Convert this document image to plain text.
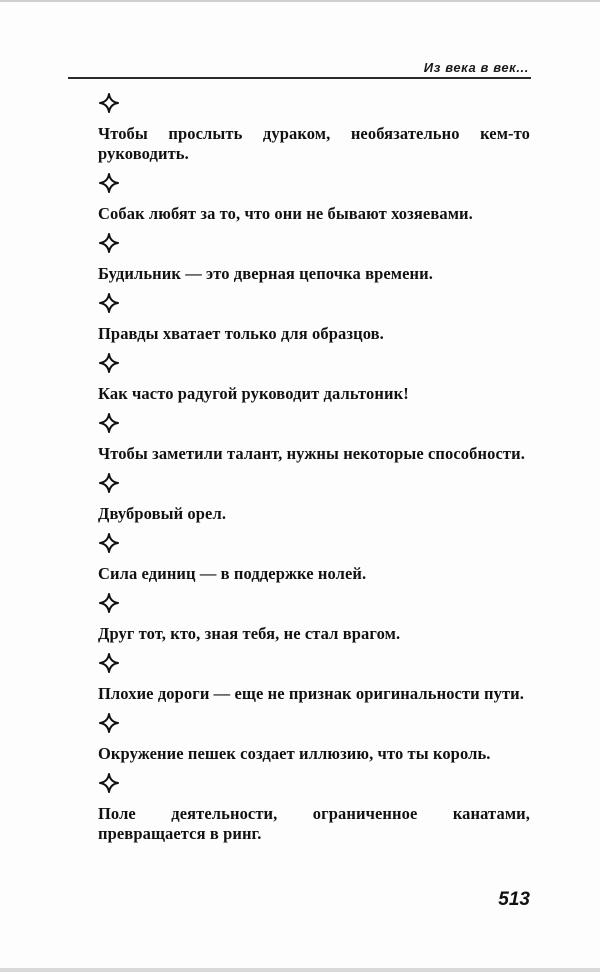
Из века в век...

Чтобы прослыть дураком, необязательно кем-то руководить.

Собак любят за то, что они не бывают хозяевами.

Будильник — это дверная цепочка времени.

Правды хватает только для образцов.

Как часто радугой руководит дальтоник!

Чтобы заметили талант, нужны некоторые способности.

Двубровый орел.

Сила единиц — в поддержке нолей.

Друг тот, кто, зная тебя, не стал врагом.

Плохие дороги — еще не признак оригинальности пути.

Окружение пешек создает иллюзию, что ты король.

Поле деятельности, ограниченное канатами, превращается в ринг.

513
